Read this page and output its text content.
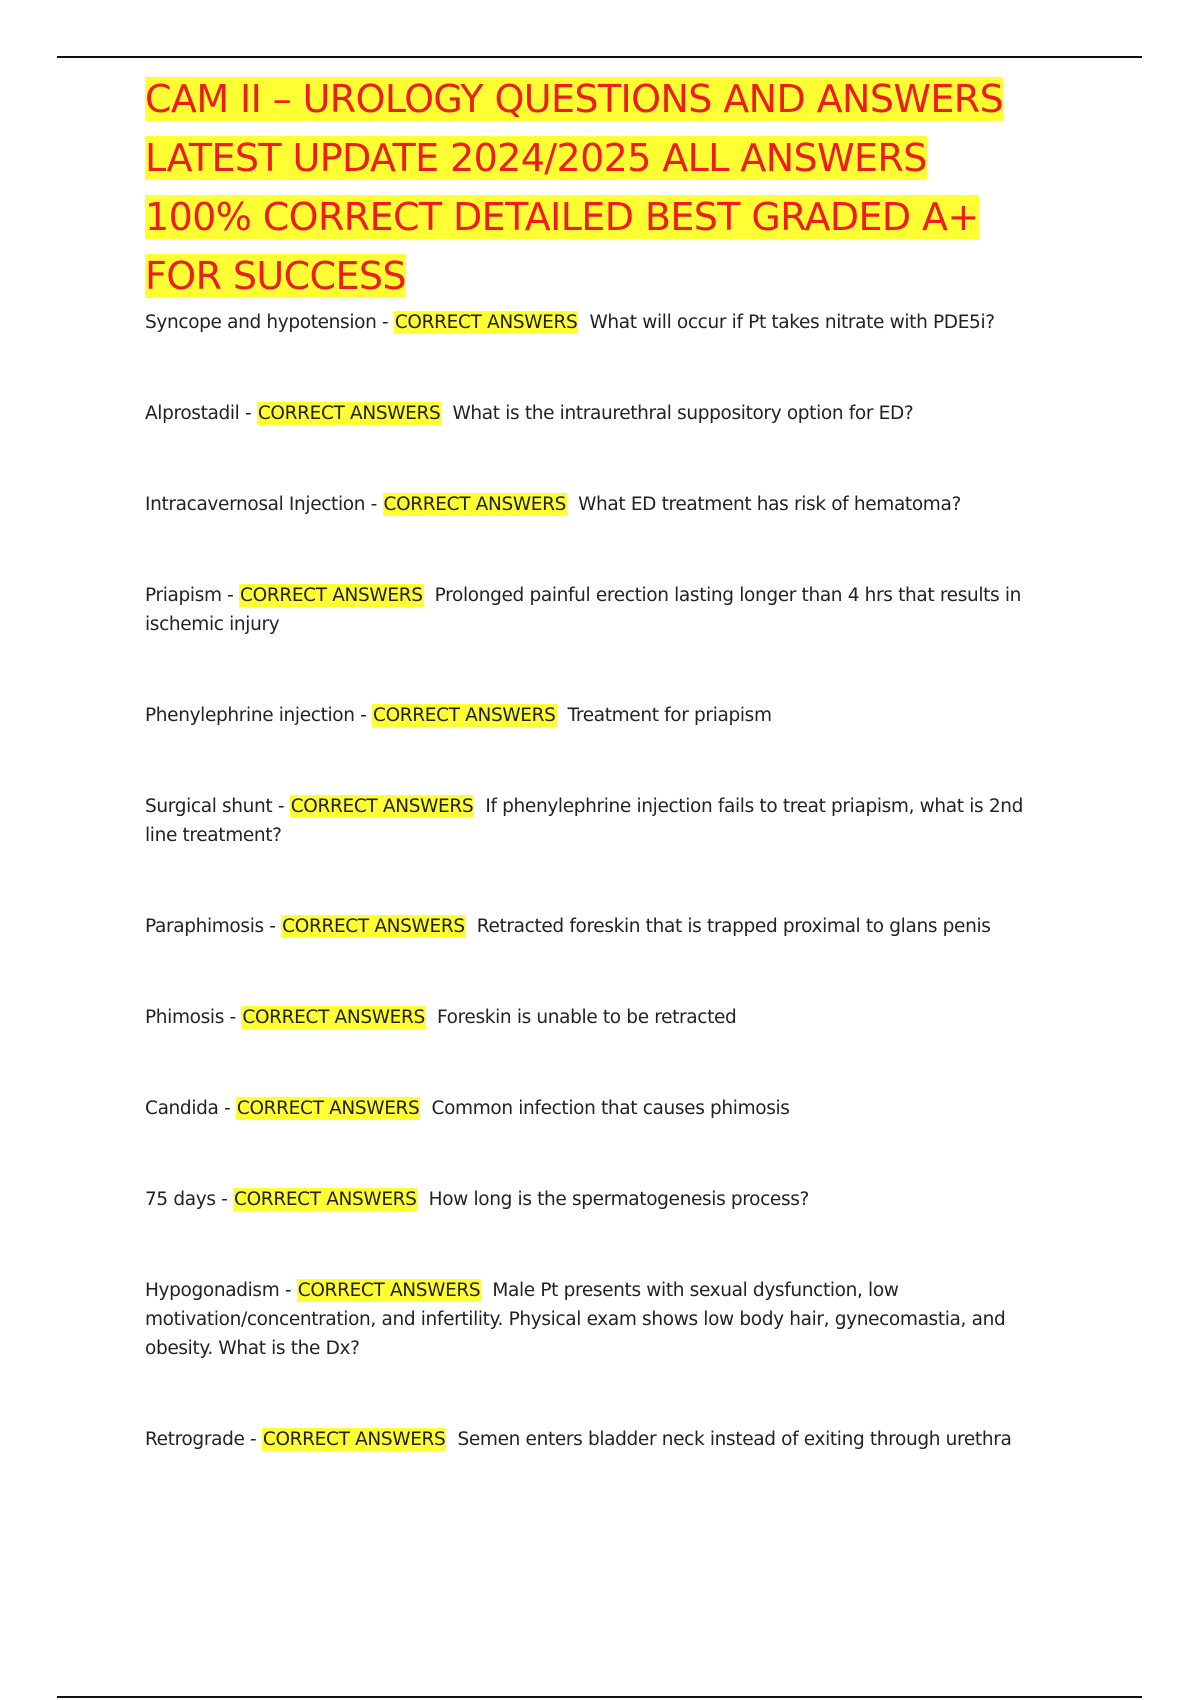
CAM II – UROLOGY QUESTIONS AND ANSWERS LATEST UPDATE 2024/2025 ALL ANSWERS 100% CORRECT DETAILED BEST GRADED A+ FOR SUCCESS
Syncope and hypotension - CORRECT ANSWERS What will occur if Pt takes nitrate with PDE5i?
Alprostadil - CORRECT ANSWERS What is the intraurethral suppository option for ED?
Intracavernosal Injection - CORRECT ANSWERS What ED treatment has risk of hematoma?
Priapism - CORRECT ANSWERS Prolonged painful erection lasting longer than 4 hrs that results in ischemic injury
Phenylephrine injection - CORRECT ANSWERS Treatment for priapism
Surgical shunt - CORRECT ANSWERS If phenylephrine injection fails to treat priapism, what is 2nd line treatment?
Paraphimosis - CORRECT ANSWERS Retracted foreskin that is trapped proximal to glans penis
Phimosis - CORRECT ANSWERS Foreskin is unable to be retracted
Candida - CORRECT ANSWERS Common infection that causes phimosis
75 days - CORRECT ANSWERS How long is the spermatogenesis process?
Hypogonadism - CORRECT ANSWERS Male Pt presents with sexual dysfunction, low motivation/concentration, and infertility. Physical exam shows low body hair, gynecomastia, and obesity. What is the Dx?
Retrograde - CORRECT ANSWERS Semen enters bladder neck instead of exiting through urethra
